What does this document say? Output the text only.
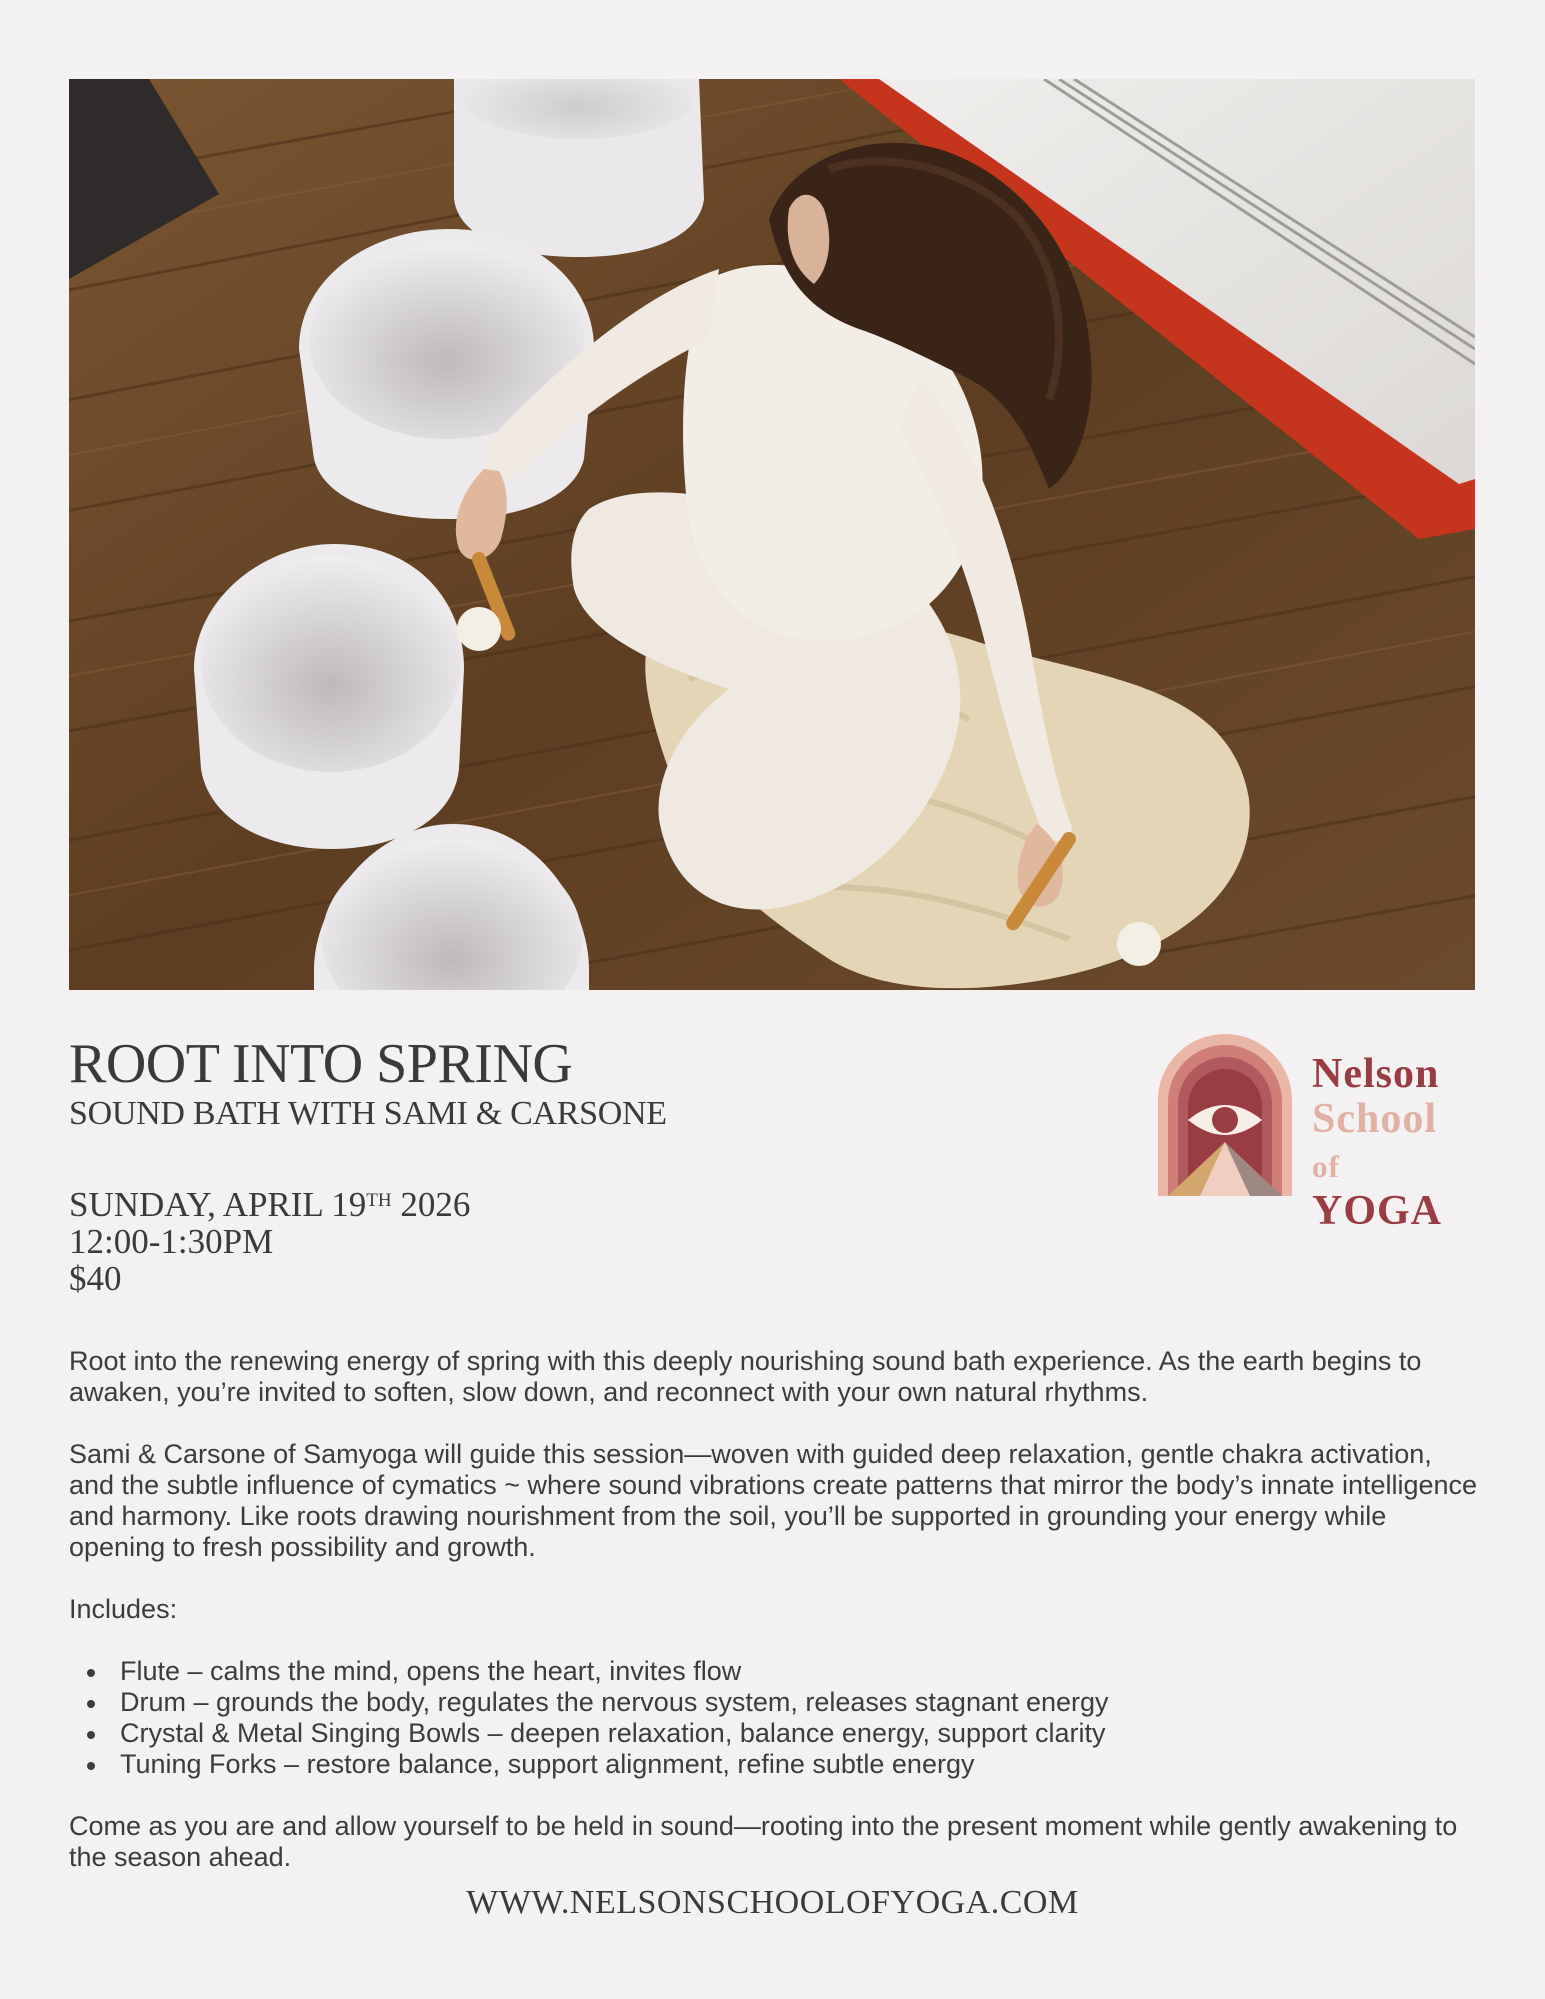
ROOT INTO SPRING
SOUND BATH WITH SAMI & CARSONE
SUNDAY, APRIL 19TH 2026
12:00-1:30PM
$40
Nelson
School
of YOGA

Root into the renewing energy of spring with this deeply nourishing sound bath experience. As the earth begins to awaken, you’re invited to soften, slow down, and reconnect with your own natural rhythms.

Sami & Carsone of Samyoga will guide this session—woven with guided deep relaxation, gentle chakra activation, and the subtle influence of cymatics ~ where sound vibrations create patterns that mirror the body’s innate intelligence and harmony. Like roots drawing nourishment from the soil, you’ll be supported in grounding your energy while opening to fresh possibility and growth.

Includes:

Flute – calms the mind, opens the heart, invites flow
Drum – grounds the body, regulates the nervous system, releases stagnant energy
Crystal & Metal Singing Bowls – deepen relaxation, balance energy, support clarity
Tuning Forks – restore balance, support alignment, refine subtle energy

Come as you are and allow yourself to be held in sound—rooting into the present moment while gently awakening to the season ahead.

WWW.NELSONSCHOOLOFYOGA.COM
